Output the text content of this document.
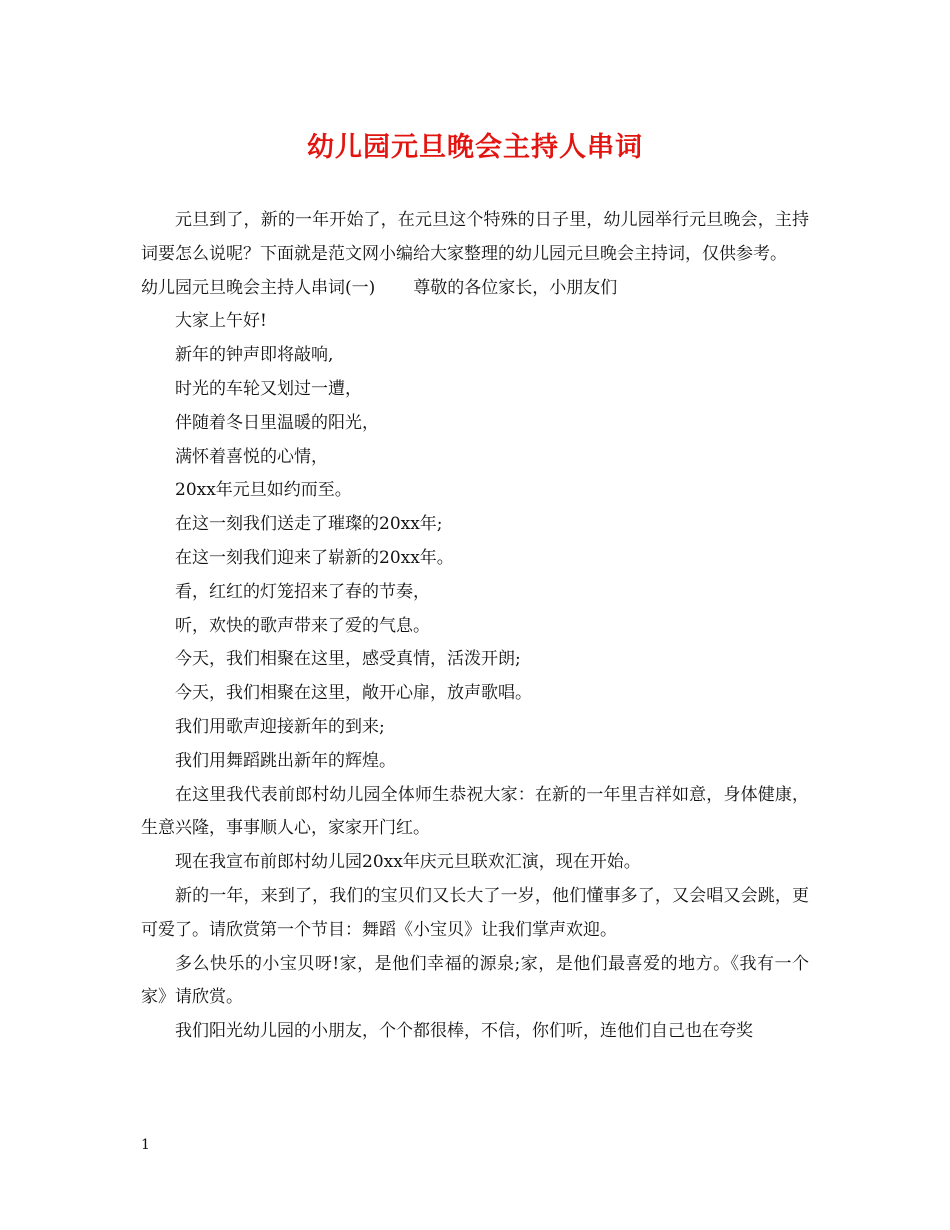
幼儿园元旦晚会主持人串词

元旦到了，新的一年开始了，在元旦这个特殊的日子里，幼儿园举行元旦晚会，主持词要怎么说呢？下面就是范文网小编给大家整理的幼儿园元旦晚会主持词，仅供参考。

幼儿园元旦晚会主持人串词(一) 尊敬的各位家长，小朋友们

大家上午好!

新年的钟声即将敲响,

时光的车轮又划过一遭，

伴随着冬日里温暖的阳光，

满怀着喜悦的心情，

20xx年元旦如约而至。

在这一刻我们送走了璀璨的20xx年;

在这一刻我们迎来了崭新的20xx年。

看，红红的灯笼招来了春的节奏，

听，欢快的歌声带来了爱的气息。

今天，我们相聚在这里，感受真情，活泼开朗;

今天，我们相聚在这里，敞开心扉，放声歌唱。

我们用歌声迎接新年的到来;

我们用舞蹈跳出新年的辉煌。

在这里我代表前郎村幼儿园全体师生恭祝大家：在新的一年里吉祥如意，身体健康，生意兴隆，事事顺人心，家家开门红。

现在我宣布前郎村幼儿园20xx年庆元旦联欢汇演，现在开始。

新的一年，来到了，我们的宝贝们又长大了一岁，他们懂事多了，又会唱又会跳，更可爱了。请欣赏第一个节目：舞蹈《小宝贝》让我们掌声欢迎。

多么快乐的小宝贝呀!家，是他们幸福的源泉;家，是他们最喜爱的地方。《我有一个家》请欣赏。

我们阳光幼儿园的小朋友，个个都很棒，不信，你们听，连他们自己也在夸奖

1
